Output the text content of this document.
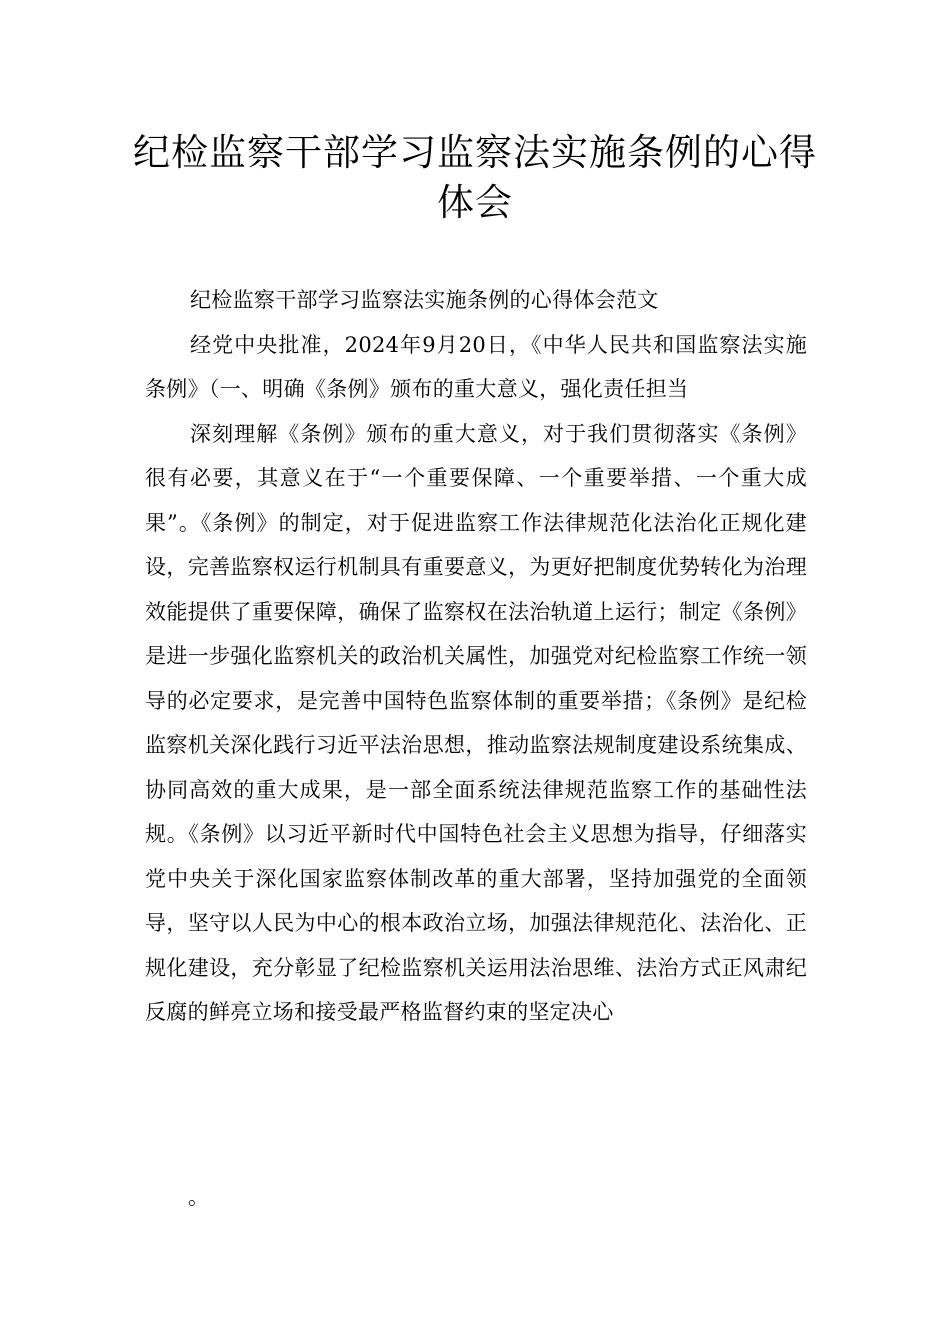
纪检监察干部学习监察法实施条例的心得体会

纪检监察干部学习监察法实施条例的心得体会范文

经党中央批准，2024年9月20日，《中华人民共和国监察法实施条例》（一、明确《条例》颁布的重大意义，强化责任担当

深刻理解《条例》颁布的重大意义，对于我们贯彻落实《条例》很有必要，其意义在于“一个重要保障、一个重要举措、一个重大成果”。《条例》的制定，对于促进监察工作法律规范化法治化正规化建设，完善监察权运行机制具有重要意义，为更好把制度优势转化为治理效能提供了重要保障，确保了监察权在法治轨道上运行；制定《条例》是进一步强化监察机关的政治机关属性，加强党对纪检监察工作统一领导的必定要求，是完善中国特色监察体制的重要举措；《条例》是纪检监察机关深化践行习近平法治思想，推动监察法规制度建设系统集成、协同高效的重大成果，是一部全面系统法律规范监察工作的基础性法规。《条例》以习近平新时代中国特色社会主义思想为指导，仔细落实党中央关于深化国家监察体制改革的重大部署，坚持加强党的全面领导，坚守以人民为中心的根本政治立场，加强法律规范化、法治化、正规化建设，充分彰显了纪检监察机关运用法治思维、法治方式正风肃纪反腐的鲜亮立场和接受最严格监督约束的坚定决心

。
